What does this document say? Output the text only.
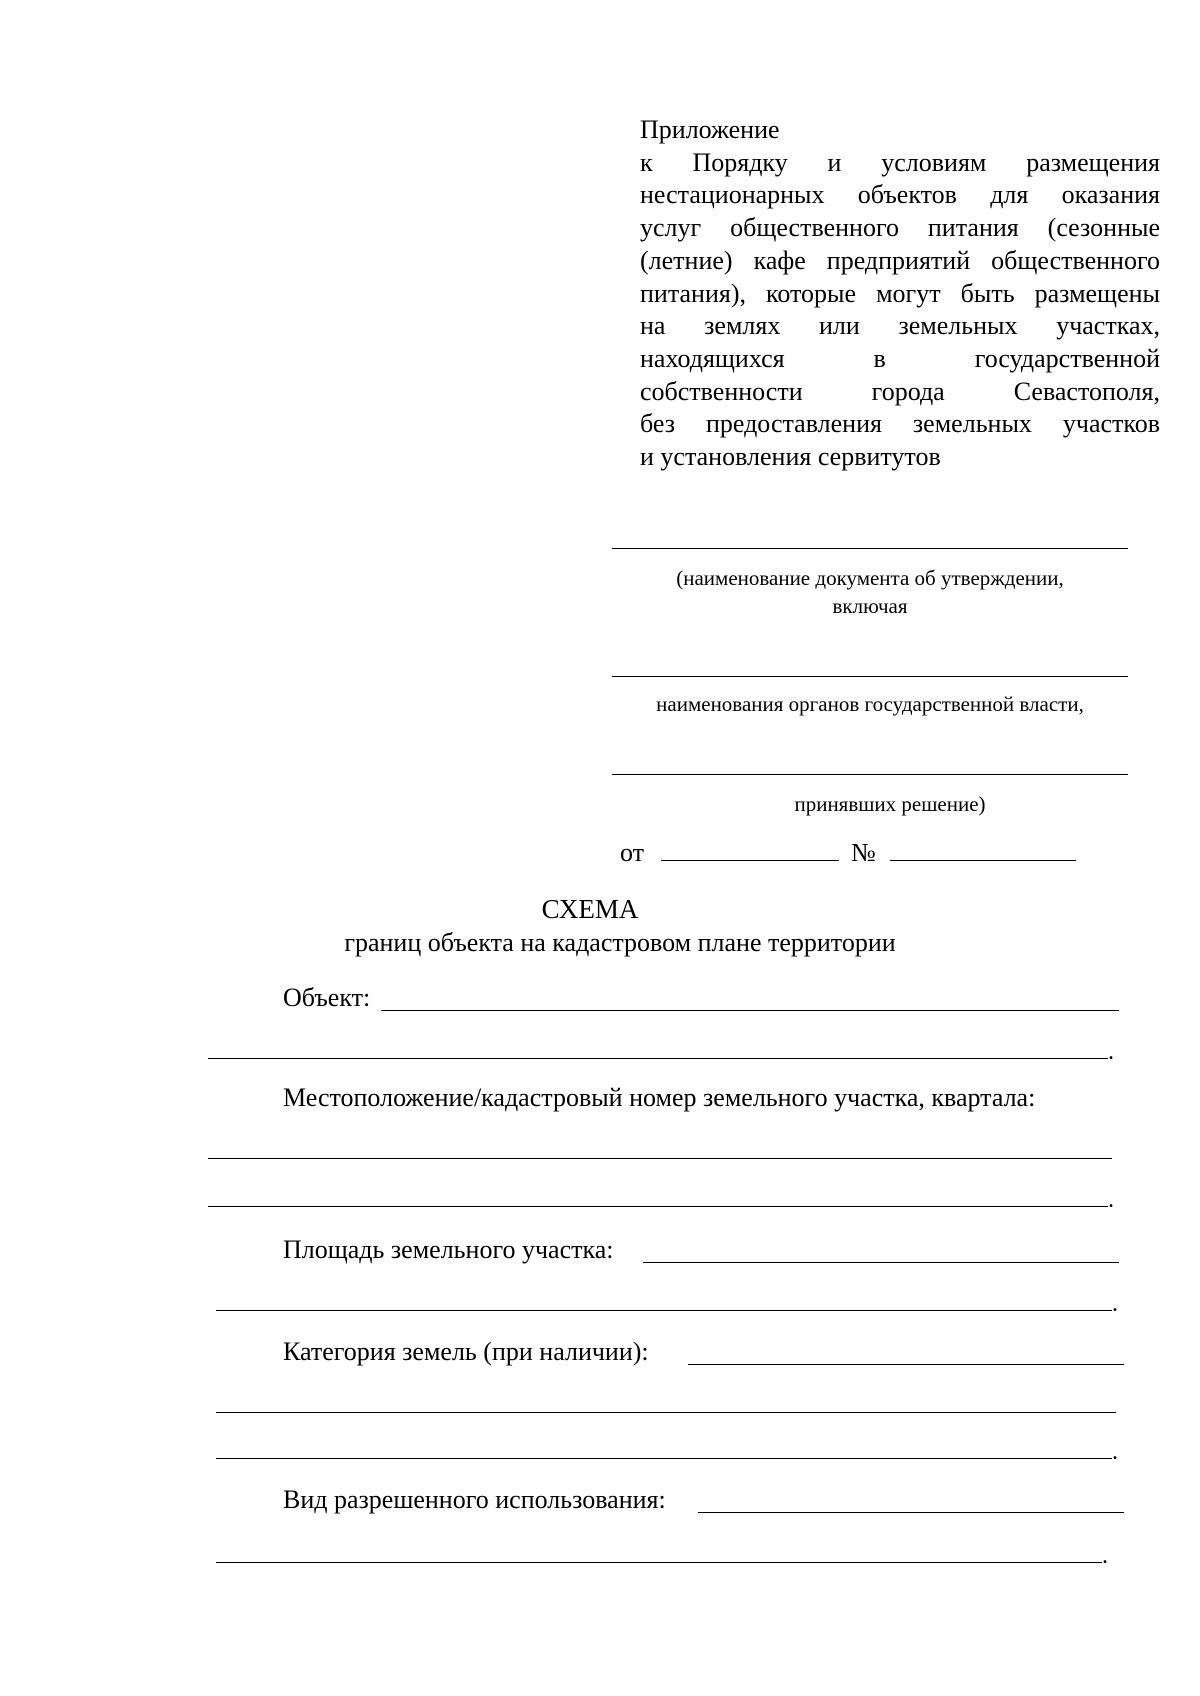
Приложение
к Порядку и условиям размещения
нестационарных объектов для оказания
услуг общественного питания (сезонные
(летние) кафе предприятий общественного
питания), которые могут быть размещены
на землях или земельных участках,
находящихся в государственной
собственности города Севастополя,
без предоставления земельных участков
и установления сервитутов
(наименование документа об утверждении,
включая
наименования органов государственной власти,
принявших решение)
от	№
СХЕМА
границ объекта на кадастровом плане территории
Объект:
.
Местоположение/кадастровый номер земельного участка, квартала:
.
Площадь земельного участка:
.
Категория земель (при наличии):
.
Вид разрешенного использования:
.
